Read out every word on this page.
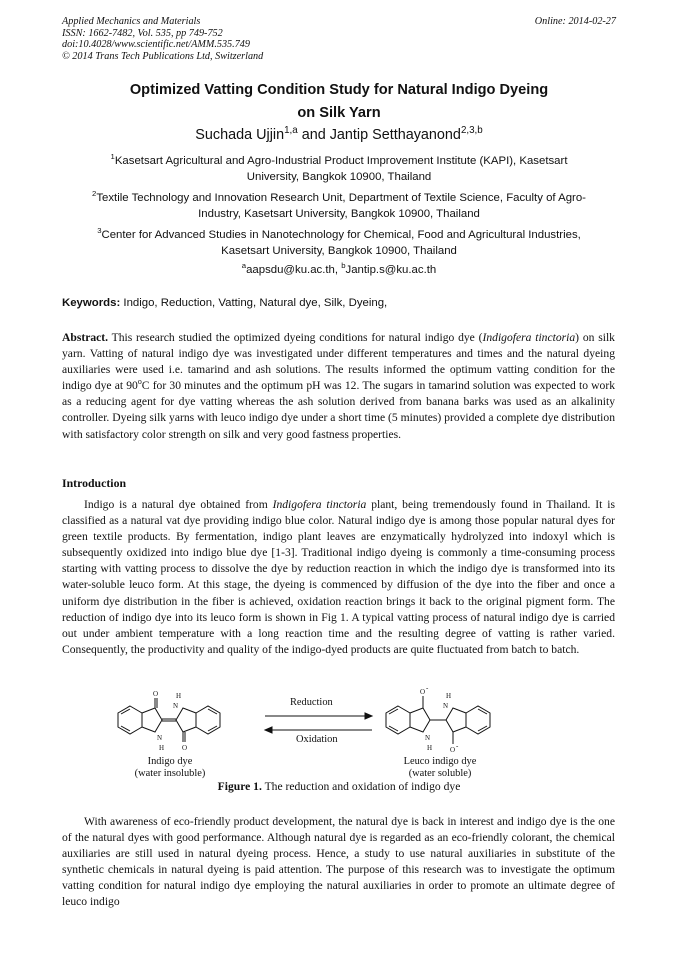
Applied Mechanics and Materials
ISSN: 1662-7482, Vol. 535, pp 749-752
doi:10.4028/www.scientific.net/AMM.535.749
© 2014 Trans Tech Publications Ltd, Switzerland
Online: 2014-02-27
Optimized Vatting Condition Study for Natural Indigo Dyeing
on Silk Yarn
Suchada Ujjin$^{1,a}$ and Jantip Setthayanond$^{2,3,b}$
$^1$Kasetsart Agricultural and Agro-Industrial Product Improvement Institute (KAPI), Kasetsart
University, Bangkok 10900, Thailand
$^2$Textile Technology and Innovation Research Unit, Department of Textile Science, Faculty of Agro-
Industry, Kasetsart University, Bangkok 10900, Thailand
$^3$Center for Advanced Studies in Nanotechnology for Chemical, Food and Agricultural Industries,
Kasetsart University, Bangkok 10900, Thailand
$^a$aapsdu@ku.ac.th, $^b$Jantip.s@ku.ac.th
Keywords: Indigo, Reduction, Vatting, Natural dye, Silk, Dyeing,
Abstract. This research studied the optimized dyeing conditions for natural indigo dye (Indigofera tinctoria) on silk yarn. Vatting of natural indigo dye was investigated under different temperatures and times and the natural dyeing auxiliaries were used i.e. tamarind and ash solutions. The results informed the optimum vatting condition for the indigo dye at 90$^o$C for 30 minutes and the optimum pH was 12. The sugars in tamarind solution was expected to work as a reducing agent for dye vatting whereas the ash solution derived from banana barks was used as an alkalinity controller. Dyeing silk yarns with leuco indigo dye under a short time (5 minutes) provided a complete dye distribution with satisfactory color strength on silk and very good fastness properties.
Introduction
Indigo is a natural dye obtained from Indigofera tinctoria plant, being tremendously found in Thailand. It is classified as a natural vat dye providing indigo blue color. Natural indigo dye is among those popular natural dyes for green textile products. By fermentation, indigo plant leaves are enzymatically hydrolyzed into indoxyl which is subsequently oxidized into indigo blue dye [1-3]. Traditional indigo dyeing is commonly a time-consuming process starting with vatting process to dissolve the dye by reduction reaction in which the indigo dye is transformed into its water-soluble leuco form. At this stage, the dyeing is commenced by diffusion of the dye into the fiber and once a uniform dye distribution in the fiber is achieved, oxidation reaction brings it back to the original pigment form. The reduction of indigo dye into its leuco form is shown in Fig 1. A typical vatting process of natural indigo dye is carried out under ambient temperature with a long reaction time and the resulting degree of vatting is rather varied. Consequently, the productivity and quality of the indigo-dyed products are quite fluctuated from batch to batch.
O	H
N
N
H	O
O -
H
N
N
H	O -
Reduction
Oxidation
Indigo dye
(water insoluble)
Leuco indigo dye
(water soluble)
Figure 1. The reduction and oxidation of indigo dye
With awareness of eco-friendly product development, the natural dye is back in interest and indigo dye is the one of the natural dyes with good performance. Although natural dye is regarded as an eco-friendly colorant, the chemical auxiliaries are still used in natural dyeing process. Hence, a study to use natural auxiliaries in substitute of the synthetic chemicals in natural dyeing is paid attention. The purpose of this research was to investigate the optimum vatting condition for natural indigo dye employing the natural auxiliaries in order to promote an ultimate degree of leuco indigo
